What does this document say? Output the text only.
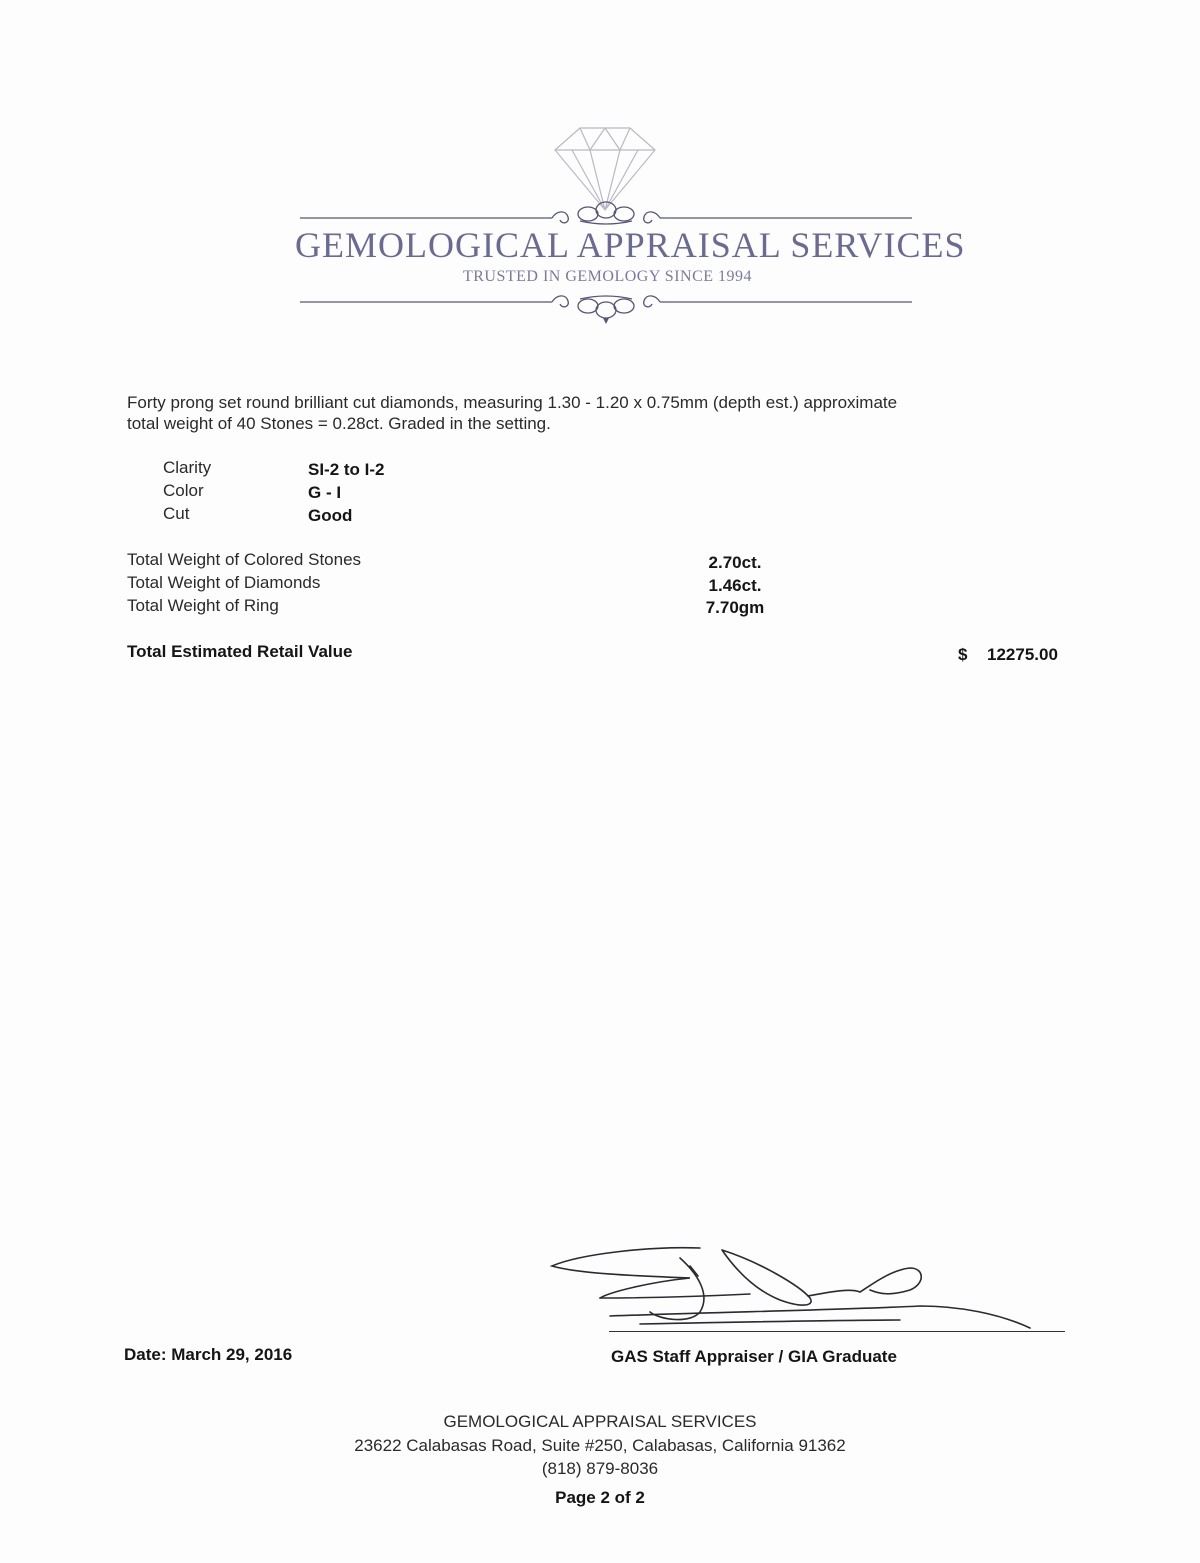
GEMOLOGICAL APPRAISAL SERVICES
TRUSTED IN GEMOLOGY SINCE 1994
Forty prong set round brilliant cut diamonds, measuring 1.30 - 1.20 x 0.75mm (depth est.) approximate
total weight of 40 Stones = 0.28ct. Graded in the setting.
Clarity	SI-2 to I-2
Color	G - I
Cut	Good
Total Weight of Colored Stones	2.70ct.
Total Weight of Diamonds	1.46ct.
Total Weight of Ring	7.70gm
Total Estimated Retail Value	$ 12275.00
Date: March 29, 2016	GAS Staff Appraiser / GIA Graduate
GEMOLOGICAL APPRAISAL SERVICES
23622 Calabasas Road, Suite #250, Calabasas, California 91362
(818) 879-8036
Page 2 of 2
